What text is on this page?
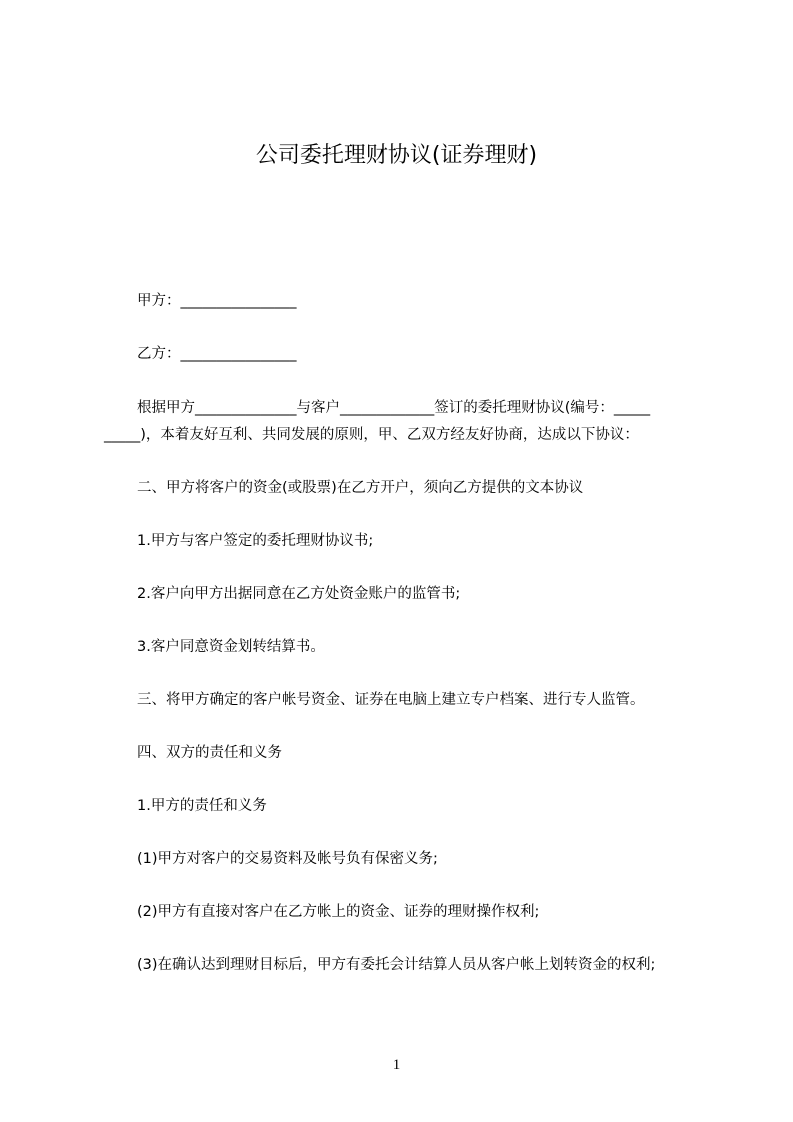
公司委托理财协议(证券理财)
甲方：________________
乙方：________________
根据甲方______________与客户_____________签订的委托理财协议(编号：_____
_____)，本着友好互利、共同发展的原则，甲、乙双方经友好协商，达成以下协议：
二、甲方将客户的资金(或股票)在乙方开户，须向乙方提供的文本协议
1.甲方与客户签定的委托理财协议书;
2.客户向甲方出据同意在乙方处资金账户的监管书;
3.客户同意资金划转结算书。
三、将甲方确定的客户帐号资金、证券在电脑上建立专户档案、进行专人监管。
四、双方的责任和义务
1.甲方的责任和义务
(1)甲方对客户的交易资料及帐号负有保密义务;
(2)甲方有直接对客户在乙方帐上的资金、证券的理财操作权利;
(3)在确认达到理财目标后，甲方有委托会计结算人员从客户帐上划转资金的权利;
1
